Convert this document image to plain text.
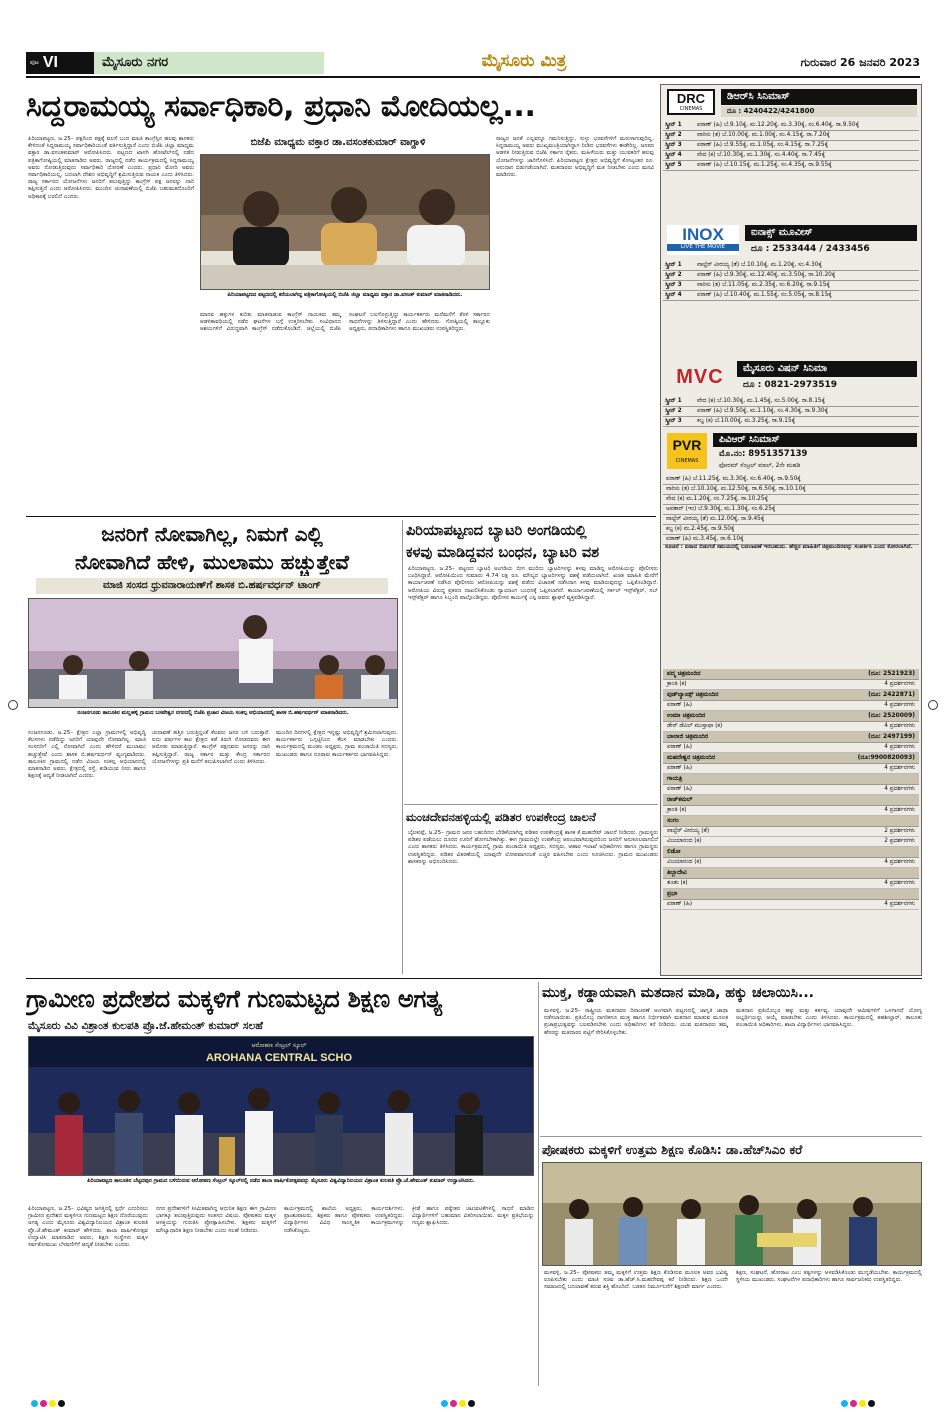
ಪುಟ VI	ಮೈಸೂರು ನಗರ	ಮೈಸೂರು ಮಿತ್ರ	ಗುರುವಾರ 26 ಜನವರಿ 2023
ಸಿದ್ದರಾಮಯ್ಯ ಸರ್ವಾಧಿಕಾರಿ, ಪ್ರಧಾನಿ ಮೋದಿಯಲ್ಲ...
ಬಿಜೆಪಿ ಮಾಧ್ಯಮ ವಕ್ತಾರ ಡಾ.ವಸಂತಕುಮಾರ್ ವಾಗ್ದಾಳಿ
ಪಿರಿಯಾಪಟ್ಟಣ, ಜ.25– ಪಕ್ಷದಿಂದ ಪಕ್ಷಕ್ಕೆ ವಲಸೆ ಬಂದ ಮಾಜಿ ಕಾಂಗ್ರೆಸ್ಸಿನ ಹಲವು ಶಾಸಕರು ಕೇಳಿದಂತೆ ಸಿದ್ದರಾಮಯ್ಯ ಸರ್ವಾಧಿಕಾರಿಯಂತೆ ವರ್ತಿಸುತ್ತಿದ್ದಾರೆ ಎಂದು ಬಿಜೆಪಿ ಜಿಲ್ಲಾ ಮಾಧ್ಯಮ ವಕ್ತಾರ ಡಾ.ವಸಂತಕುಮಾರ್ ಆರೋಪಿಸಿದರು. ಪಟ್ಟಣದ ಖಾಸಗಿ ಹೋಟೆಲ್‌ನಲ್ಲಿ ನಡೆದ ಪತ್ರಿಕಾಗೋಷ್ಠಿಯಲ್ಲಿ ಮಾತನಾಡಿದ ಅವರು, ರಾಜ್ಯದಲ್ಲಿ ನಡೆದ ಕಾರ್ಯಕ್ರಮದಲ್ಲಿ ಸಿದ್ದರಾಮಯ್ಯ ಅವರು ನೋಡುತ್ತಿರುವುದು ಸರ್ವಾಧಿಕಾರಿ ಧೋರಣೆ ಎಂದರು. ಪ್ರಧಾನಿ ಮೋದಿ ಅವರು ಸರ್ವಾಧಿಕಾರಿಯಲ್ಲ, ಬದಲಾಗಿ ದೇಶದ ಅಭಿವೃದ್ಧಿಗೆ ಶ್ರಮಿಸುತ್ತಿರುವ ನಾಯಕ ಎಂದು ತಿಳಿಸಿದರು. ರಾಜ್ಯ ಸರ್ಕಾರದ ಯೋಜನೆಗಳು ಜನರಿಗೆ ತಲುಪುತ್ತಿದ್ದು ಕಾಂಗ್ರೆಸ್ ಪಕ್ಷ ಜನರನ್ನು ದಾರಿ ತಪ್ಪಿಸುತ್ತಿದೆ ಎಂದು ಆರೋಪಿಸಿದರು. ಮುಂದಿನ ಚುನಾವಣೆಯಲ್ಲಿ ಬಿಜೆಪಿ ಬಹುಮತದೊಂದಿಗೆ ಅಧಿಕಾರಕ್ಕೆ ಬರಲಿದೆ ಎಂದರು.
ಪಿರಿಯಾಪಟ್ಟಣದ ಪಟ್ಟಣದಲ್ಲಿ ಕರೆಯಲಾಗಿದ್ದ ಪತ್ರಿಕಾಗೋಷ್ಠಿಯಲ್ಲಿ ಬಿಜೆಪಿ ಜಿಲ್ಲಾ ಮಾಧ್ಯಮ ವಕ್ತಾರ ಡಾ.ವಸಂತ್ ಕುಮಾರ್ ಮಾತನಾಡಿದರು.
ಮಾನವ ಹಕ್ಕುಗಳ ಕುರಿತು ಮಾತನಾಡುವ ಕಾಂಗ್ರೆಸ್ ನಾಯಕರು ತಮ್ಮ ಆಡಳಿತಾವಧಿಯಲ್ಲಿ ನಡೆದ ಘಟನೆಗಳ ಬಗ್ಗೆ ಉತ್ತರಿಸಬೇಕು. ಸಂವಿಧಾನದ ಆಶಯಗಳಿಗೆ ವಿರುದ್ಧವಾಗಿ ಕಾಂಗ್ರೆಸ್ ನಡೆದುಕೊಂಡಿದೆ. ಜಿಲ್ಲೆಯಲ್ಲಿ ಬಿಜೆಪಿ ಸಂಘಟನೆ ಬಲಗೊಳ್ಳುತ್ತಿದ್ದು ಕಾರ್ಯಕರ್ತರು ಮನೆಮನೆಗೆ ತೆರಳಿ ಸರ್ಕಾರದ ಸಾಧನೆಗಳನ್ನು ತಿಳಿಸುತ್ತಿದ್ದಾರೆ ಎಂದು ಹೇಳಿದರು. ಗೋಷ್ಠಿಯಲ್ಲಿ ತಾಲ್ಲೂಕು ಅಧ್ಯಕ್ಷರು, ಪದಾಧಿಕಾರಿಗಳು ಹಾಗೂ ಮುಖಂಡರು ಉಪಸ್ಥಿತರಿದ್ದರು.
ರಾಜ್ಯದ ಜನತೆ ಎಲ್ಲವನ್ನೂ ಗಮನಿಸುತ್ತಿದ್ದು, ಸುಳ್ಳು ಭರವಸೆಗಳಿಗೆ ಮರುಳಾಗುವುದಿಲ್ಲ. ಸಿದ್ದರಾಮಯ್ಯ ಅವರು ಮುಖ್ಯಮಂತ್ರಿಯಾಗಿದ್ದಾಗ ನೀಡಿದ ಭರವಸೆಗಳು ಈಡೇರಿಲ್ಲ. ಜನಪರ ಆಡಳಿತ ನೀಡುತ್ತಿರುವ ಬಿಜೆಪಿ ಸರ್ಕಾರ ರೈತರು, ಮಹಿಳೆಯರು ಮತ್ತು ಯುವಕರಿಗೆ ಹಲವು ಯೋಜನೆಗಳನ್ನು ಜಾರಿಗೊಳಿಸಿದೆ. ಪಿರಿಯಾಪಟ್ಟಣ ಕ್ಷೇತ್ರದ ಅಭಿವೃದ್ಧಿಗೆ ಕೋಟ್ಯಂತರ ರೂ. ಅನುದಾನ ಬಿಡುಗಡೆಯಾಗಿದೆ. ಮತದಾರರು ಅಭಿವೃದ್ಧಿಗೆ ಮತ ನೀಡಬೇಕು ಎಂದು ಮನವಿ ಮಾಡಿದರು.
ಜನರಿಗೆ ನೋವಾಗಿಲ್ಲ, ನಿಮಗೆ ಎಲ್ಲಿ
ನೋವಾಗಿದೆ ಹೇಳಿ, ಮುಲಾಮು ಹಚ್ಚುತ್ತೇವೆ
ಮಾಜಿ ಸಂಸದ ಧ್ರುವನಾರಾಯಣ್‌ಗೆ ಶಾಸಕ ಬಿ.ಹರ್ಷವರ್ಧನ್ ಟಾಂಗ್
ನಂಜನಗೂಡು ತಾಲೂಕಿನ ಮಲ್ಲಹಳ್ಳಿ ಗ್ರಾಮದ ಬಸವೇಶ್ವರ ನಗರದಲ್ಲಿ ಬಿಜೆಪಿ ಪ್ರಚಾರ ವಿಜಯ ಸಂಕಲ್ಪ ಅಭಿಯಾನದಲ್ಲಿ ಶಾಸಕ ಬಿ.ಹರ್ಷವರ್ಧನ್ ಮಾತನಾಡಿದರು.
ನಂಜನಗೂಡು, ಜ.25– ಕ್ಷೇತ್ರದ ಎಲ್ಲಾ ಗ್ರಾಮಗಳಲ್ಲಿ ಅಭಿವೃದ್ಧಿ ಕೆಲಸಗಳು ನಡೆದಿದ್ದು ಜನರಿಗೆ ಯಾವುದೇ ನೋವಾಗಿಲ್ಲ. ಮಾಜಿ ಸಂಸದರಿಗೆ ಎಲ್ಲಿ ನೋವಾಗಿದೆ ಎಂದು ಹೇಳಿದರೆ ಮುಲಾಮು ಹಚ್ಚುತ್ತೇವೆ ಎಂದು ಶಾಸಕ ಬಿ.ಹರ್ಷವರ್ಧನ್ ವ್ಯಂಗ್ಯವಾಡಿದರು. ತಾಲೂಕಿನ ಗ್ರಾಮದಲ್ಲಿ ನಡೆದ ವಿಜಯ ಸಂಕಲ್ಪ ಅಭಿಯಾನದಲ್ಲಿ ಮಾತನಾಡಿದ ಅವರು, ಕ್ಷೇತ್ರದಲ್ಲಿ ರಸ್ತೆ, ಕುಡಿಯುವ ನೀರು ಹಾಗೂ ಶಿಕ್ಷಣಕ್ಕೆ ಆದ್ಯತೆ ನೀಡಲಾಗಿದೆ ಎಂದರು.
ಚುನಾವಣೆ ಹತ್ತಿರ ಬರುತ್ತಿದ್ದಂತೆ ಕೆಲವರು ಜನರ ಬಳಿ ಬರುತ್ತಾರೆ. ಐದು ವರ್ಷಗಳ ಕಾಲ ಕ್ಷೇತ್ರದ ಕಡೆ ತಿರುಗಿ ನೋಡದವರು ಈಗ ಆರೋಪ ಮಾಡುತ್ತಿದ್ದಾರೆ. ಕಾಂಗ್ರೆಸ್ ಪಕ್ಷದವರು ಜನರನ್ನು ದಾರಿ ತಪ್ಪಿಸುತ್ತಿದ್ದಾರೆ. ರಾಜ್ಯ ಸರ್ಕಾರ ಮತ್ತು ಕೇಂದ್ರ ಸರ್ಕಾರದ ಯೋಜನೆಗಳನ್ನು ಪ್ರತಿ ಮನೆಗೆ ತಲುಪಿಸಲಾಗಿದೆ ಎಂದು ತಿಳಿಸಿದರು.
ಮುಂದಿನ ದಿನಗಳಲ್ಲಿ ಕ್ಷೇತ್ರದ ಇನ್ನಷ್ಟು ಅಭಿವೃದ್ಧಿಗೆ ಶ್ರಮಿಸಲಾಗುವುದು. ಕಾರ್ಯಕರ್ತರು ಒಗ್ಗಟ್ಟಿನಿಂದ ಕೆಲಸ ಮಾಡಬೇಕು ಎಂದರು. ಕಾರ್ಯಕ್ರಮದಲ್ಲಿ ಮಂಡಲ ಅಧ್ಯಕ್ಷರು, ಗ್ರಾಮ ಪಂಚಾಯಿತಿ ಸದಸ್ಯರು, ಮುಖಂಡರು ಹಾಗೂ ನೂರಾರು ಕಾರ್ಯಕರ್ತರು ಭಾಗವಹಿಸಿದ್ದರು.
ಪಿರಿಯಾಪಟ್ಟಣದ ಬ್ಯಾಟರಿ ಅಂಗಡಿಯಲ್ಲಿ
ಕಳವು ಮಾಡಿದ್ದವನ ಬಂಧನ, ಬ್ಯಾಟರಿ ವಶ
ಪಿರಿಯಾಪಟ್ಟಣ, ಜ.25– ಪಟ್ಟಣದ ಬ್ಯಾಟರಿ ಅಂಗಡಿಯ ಬೀಗ ಮುರಿದು ಬ್ಯಾಟರಿಗಳನ್ನು ಕಳವು ಮಾಡಿದ್ದ ಆರೋಪಿಯನ್ನು ಪೊಲೀಸರು ಬಂಧಿಸಿದ್ದಾರೆ. ಆರೋಪಿಯಿಂದ ಸುಮಾರು 4.74 ಲಕ್ಷ ರೂ. ಮೌಲ್ಯದ ಬ್ಯಾಟರಿಗಳನ್ನು ವಶಕ್ಕೆ ಪಡೆಯಲಾಗಿದೆ. ಖಚಿತ ಮಾಹಿತಿ ಮೇರೆಗೆ ಕಾರ್ಯಾಚರಣೆ ನಡೆಸಿದ ಪೊಲೀಸರು ಆರೋಪಿಯನ್ನು ವಶಕ್ಕೆ ಪಡೆದು ವಿಚಾರಣೆ ನಡೆಸಿದಾಗ ಕಳವು ಮಾಡಿರುವುದನ್ನು ಒಪ್ಪಿಕೊಂಡಿದ್ದಾನೆ. ಆರೋಪಿಯ ವಿರುದ್ಧ ಪ್ರಕರಣ ದಾಖಲಿಸಿಕೊಂಡು ನ್ಯಾಯಾಂಗ ಬಂಧನಕ್ಕೆ ಒಪ್ಪಿಸಲಾಗಿದೆ. ಕಾರ್ಯಾಚರಣೆಯಲ್ಲಿ ಸರ್ಕಲ್ ಇನ್ಸ್‌ಪೆಕ್ಟರ್, ಸಬ್ ಇನ್ಸ್‌ಪೆಕ್ಟರ್ ಹಾಗೂ ಸಿಬ್ಬಂದಿ ಪಾಲ್ಗೊಂಡಿದ್ದರು. ಪೊಲೀಸರ ಕಾರ್ಯಕ್ಕೆ ಎಸ್ಪಿ ಅವರು ಶ್ಲಾಘನೆ ವ್ಯಕ್ತಪಡಿಸಿದ್ದಾರೆ.
ಮಂಚದೇವನಹಳ್ಳಿಯಲ್ಲಿ ಪಡಿತರ ಉಪಕೇಂದ್ರ ಚಾಲನೆ
ಬೈಲಕುಪ್ಪೆ, ಜ.25– ಗ್ರಾಮದ ಜನರ ಬಹುದಿನದ ಬೇಡಿಕೆಯಾಗಿದ್ದ ಪಡಿತರ ಉಪಕೇಂದ್ರಕ್ಕೆ ಶಾಸಕ ಕೆ.ಮಹದೇವ್ ಚಾಲನೆ ನೀಡಿದರು. ಗ್ರಾಮಸ್ಥರು ಪಡಿತರ ಪಡೆಯಲು ದೂರದ ಊರಿಗೆ ಹೋಗಬೇಕಾಗಿತ್ತು. ಈಗ ಗ್ರಾಮದಲ್ಲೇ ಉಪಕೇಂದ್ರ ಆರಂಭವಾಗಿರುವುದರಿಂದ ಜನರಿಗೆ ಅನುಕೂಲವಾಗಲಿದೆ ಎಂದು ಶಾಸಕರು ತಿಳಿಸಿದರು. ಕಾರ್ಯಕ್ರಮದಲ್ಲಿ ಗ್ರಾಮ ಪಂಚಾಯಿತಿ ಅಧ್ಯಕ್ಷರು, ಸದಸ್ಯರು, ಆಹಾರ ಇಲಾಖೆ ಅಧಿಕಾರಿಗಳು ಹಾಗೂ ಗ್ರಾಮಸ್ಥರು ಉಪಸ್ಥಿತರಿದ್ದರು. ಪಡಿತರ ವಿತರಣೆಯಲ್ಲಿ ಯಾವುದೇ ಲೋಪವಾಗದಂತೆ ಎಚ್ಚರ ವಹಿಸಬೇಕು ಎಂದು ಸೂಚಿಸಿದರು. ಗ್ರಾಮದ ಮುಖಂಡರು ಶಾಸಕರನ್ನು ಅಭಿನಂದಿಸಿದರು.
DRC
CINEMAS
ಡಿಆರ್‌ಸಿ ಸಿನಿಮಾಸ್
ದೂ : 4240422/4241800
ಸ್ಕ್ರೀನ್ 1	ಪಠಾಣ್ (ಹಿ) ಬೆ.9.10ಕ್ಕೆ, ಮ.12.20ಕ್ಕೆ, ಮ.3.30ಕ್ಕೆ, ಸಂ.6.40ಕ್ಕೆ, ರಾ.9.50ಕ್ಕೆ
ಸ್ಕ್ರೀನ್ 2	ವಾರಿಸು (ತ) ಬೆ.10.00ಕ್ಕೆ, ಮ.1.00ಕ್ಕೆ, ಸಂ.4.15ಕ್ಕೆ, ರಾ.7.20ಕ್ಕೆ
ಸ್ಕ್ರೀನ್ 3	ಪಠಾಣ್ (ಹಿ) ಬೆ.9.55ಕ್ಕೆ, ಮ.1.05ಕ್ಕೆ, ಸಂ.4.15ಕ್ಕೆ, ರಾ.7.25ಕ್ಕೆ
ಸ್ಕ್ರೀನ್ 4	ವೇದ (ಕ) ಬೆ.10.30ಕ್ಕೆ, ಮ.1.30ಕ್ಕೆ, ಸಂ.4.40ಕ್ಕೆ, ರಾ.7.45ಕ್ಕೆ
ಸ್ಕ್ರೀನ್ 5	ಪಠಾಣ್ (ಹಿ) ಬೆ.10.15ಕ್ಕೆ, ಮ.1.25ಕ್ಕೆ, ಸಂ.4.35ಕ್ಕೆ, ರಾ.9.55ಕ್ಕೆ
INOX
LIVE THE MOVIE
ಐನಾಕ್ಸ್ ಮೂವೀಸ್
ದೂ : 2533444 / 2433456
ಸ್ಕ್ರೀನ್ 1	ವಾಲ್ಟೆರ್ ವೀರಯ್ಯ (ತೆ) ಬೆ.10.10ಕ್ಕೆ, ಮ.1.20ಕ್ಕೆ, ಸಂ.4.30ಕ್ಕೆ
ಸ್ಕ್ರೀನ್ 2	ಪಠಾಣ್ (ಹಿ) ಬೆ.9.30ಕ್ಕೆ, ಮ.12.40ಕ್ಕೆ, ಮ.3.50ಕ್ಕೆ, ರಾ.10.20ಕ್ಕೆ
ಸ್ಕ್ರೀನ್ 3	ವಾರಿಸು (ತ) ಬೆ.11.05ಕ್ಕೆ, ಮ.2.35ಕ್ಕೆ, ಸಂ.6.20ಕ್ಕೆ, ರಾ.9.15ಕ್ಕೆ
ಸ್ಕ್ರೀನ್ 4	ಪಠಾಣ್ (ಹಿ) ಬೆ.10.40ಕ್ಕೆ, ಮ.1.55ಕ್ಕೆ, ಸಂ.5.05ಕ್ಕೆ, ರಾ.8.15ಕ್ಕೆ
MVC	ಮೈಸೂರು ವಿಷನ್ ಸಿನಿಮಾ
ದೂ : 0821-2973519
ಸ್ಕ್ರೀನ್ 1	ವೇದ (ಕ) ಬೆ.10.30ಕ್ಕೆ, ಮ.1.45ಕ್ಕೆ, ಸಂ.5.00ಕ್ಕೆ, ರಾ.8.15ಕ್ಕೆ
ಸ್ಕ್ರೀನ್ 2	ಪಠಾಣ್ (ಹಿ) ಬೆ.9.50ಕ್ಕೆ, ಮ.1.10ಕ್ಕೆ, ಸಂ.4.30ಕ್ಕೆ, ರಾ.9.30ಕ್ಕೆ
ಸ್ಕ್ರೀನ್ 3	ಕಬ್ಜ (ಕ) ಬೆ.10.00ಕ್ಕೆ, ಮ.3.25ಕ್ಕೆ, ರಾ.9.15ಕ್ಕೆ
PVR
CINEMAS
ಪಿವಿಆರ್ ಸಿನಿಮಾಸ್
ಮೊ.ನಂ: 8951357139
ಫೋರಮ್ ಸೆಂಟ್ರಲ್ ಮಾಲ್, 2ನೇ ಮಹಡಿ
ಪಠಾಣ್ (ಹಿ) ಬೆ.11.25ಕ್ಕೆ, ಮ.3.30ಕ್ಕೆ, ಸಂ.6.40ಕ್ಕೆ, ರಾ.9.50ಕ್ಕೆ
ವಾರಿಸು (ತ) ಬೆ.10.10ಕ್ಕೆ, ಮ.12.50ಕ್ಕೆ, ರಾ.6.50ಕ್ಕೆ, ರಾ.10.10ಕ್ಕೆ
ವೇದ (ಕ) ಮ.1.20ಕ್ಕೆ, ಸಂ.7.25ಕ್ಕೆ, ರಾ.10.25ಕ್ಕೆ
ಅವತಾರ್ (ಇಂ) ಬೆ.9.30ಕ್ಕೆ, ಮ.1.30ಕ್ಕೆ, ಸಂ.6.25ಕ್ಕೆ
ವಾಲ್ಟೆರ್ ವೀರಯ್ಯ (ತೆ) ಮ.12.00ಕ್ಕೆ, ರಾ.9.45ಕ್ಕೆ
ಕಬ್ಜ (ಕ) ಮ.2.45ಕ್ಕೆ, ರಾ.9.50ಕ್ಕೆ
ಪಠಾಣ್ (ಹಿ) ಮ.3.45ಕ್ಕೆ, ರಾ.6.10ಕ್ಕೆ
ಸೂಚನೆ : ಏನಾದ ಬಿಡುಗಡೆ ಸಮಯದಲ್ಲಿ ಬದಲಾವಣೆ ಇರಬಹುದು. ಹೆಚ್ಚಿನ ಮಾಹಿತಿಗೆ ಚಿತ್ರಮಂದಿರವನ್ನು ಸಂಪರ್ಕಿಸಿ ಎಂದು ಕೋರಲಾಗಿದೆ.
ಪದ್ಮ ಚಿತ್ರಮಂದಿರ	(ದೂ: 2521923)
ಕ್ರಾಂತಿ (ಕ)	4 ಪ್ರದರ್ಶನಗಳು
ವುಡ್‌ಲ್ಯಾಂಡ್ಸ್ ಚಿತ್ರಮಂದಿರ	(ದೂ: 2422871)
ಪಠಾಣ್ (ಹಿ)	4 ಪ್ರದರ್ಶನಗಳು
ಉಮಾ ಚಿತ್ರಮಂದಿರ	(ದೂ: 2520009)
ಡೇರ್ ಡೆವಿಲ್ ಮುಸ್ತಾಫಾ (ಕ)	4 ಪ್ರದರ್ಶನಗಳು
ಬಾಲಾಜಿ ಚಿತ್ರಮಂದಿರ	(ದೂ: 2497199)
ಪಠಾಣ್ (ಹಿ)	4 ಪ್ರದರ್ಶನಗಳು
ಮಹದೇಶ್ವರ ಚಿತ್ರಮಂದಿರ	(ದೂ:9900820093)
ಪಠಾಣ್ (ಹಿ)	4 ಪ್ರದರ್ಶನಗಳು
ಗಾಯತ್ರಿ
ಪಠಾಣ್ (ಹಿ)	4 ಪ್ರದರ್ಶನಗಳು
ರಾಜ್‌ಕಮಲ್
ಕ್ರಾಂತಿ (ಕ)	4 ಪ್ರದರ್ಶನಗಳು
ಸಂಗಂ
ವಾಲ್ಟೆರ್ ವೀರಯ್ಯ (ತೆ)	2 ಪ್ರದರ್ಶನಗಳು
ವಿಜಯಾನಂದ (ಕ)	2 ಪ್ರದರ್ಶನಗಳು
ಲಿಡೋ
ವಿಜಯಾನಂದ (ಕ)	4 ಪ್ರದರ್ಶನಗಳು
ತಿಬ್ಬಾದೇವಿ
ತೂತು (ಕ)	4 ಪ್ರದರ್ಶನಗಳು
ಪ್ರಭಾ
ಪಠಾಣ್ (ಹಿ)	4 ಪ್ರದರ್ಶನಗಳು
ಗ್ರಾಮೀಣ ಪ್ರದೇಶದ ಮಕ್ಕಳಿಗೆ ಗುಣಮಟ್ಟದ ಶಿಕ್ಷಣ ಅಗತ್ಯ
ಮೈಸೂರು ವಿವಿ ವಿಶ್ರಾಂತ ಕುಲಪತಿ ಪ್ರೊ.ಜೆ.ಹೇಮಂತ್ ಕುಮಾರ್ ಸಲಹೆ
ಆರೋಹಣ ಸೆಂಟ್ರಲ್ ಸ್ಕೂಲ್
AROHANA CENTRAL SCHO
ಪಿರಿಯಾಪಟ್ಟಣ ತಾಲೂಕಿನ ಬೆಟ್ಟದಪುರ ಗ್ರಾಮದ ಬಳಿಯಿರುವ ಆರೋಹಣ ಸೆಂಟ್ರಲ್ ಸ್ಕೂಲ್‌ನಲ್ಲಿ ನಡೆದ ಶಾಲಾ ವಾರ್ಷಿಕೋತ್ಸವವನ್ನು ಮೈಸೂರು ವಿಶ್ವವಿದ್ಯಾನಿಲಯದ ವಿಶ್ರಾಂತ ಕುಲಪತಿ ಪ್ರೊ.ಜೆ.ಹೇಮಂತ್ ಕುಮಾರ್ ಉದ್ಘಾಟಿಸಿದರು.
ಪಿರಿಯಾಪಟ್ಟಣ, ಜ.25– ಭವಿಷ್ಯದ ಜಗತ್ತಿನಲ್ಲಿ ಸ್ಪರ್ಧೆ ಎದುರಿಸಲು ಗ್ರಾಮೀಣ ಪ್ರದೇಶದ ಮಕ್ಕಳಿಗೂ ಗುಣಮಟ್ಟದ ಶಿಕ್ಷಣ ದೊರೆಯುವುದು ಅಗತ್ಯ ಎಂದು ಮೈಸೂರು ವಿಶ್ವವಿದ್ಯಾನಿಲಯದ ವಿಶ್ರಾಂತ ಕುಲಪತಿ ಪ್ರೊ.ಜೆ.ಹೇಮಂತ್ ಕುಮಾರ್ ಹೇಳಿದರು. ಶಾಲಾ ವಾರ್ಷಿಕೋತ್ಸವ ಉದ್ಘಾಟಿಸಿ ಮಾತನಾಡಿದ ಅವರು, ಶಿಕ್ಷಣ ಸಂಸ್ಥೆಗಳು ಮಕ್ಕಳ ಸರ್ವತೋಮುಖ ಬೆಳವಣಿಗೆಗೆ ಆದ್ಯತೆ ನೀಡಬೇಕು ಎಂದರು.
ನಗರ ಪ್ರದೇಶಗಳಿಗೆ ಸೀಮಿತವಾಗಿದ್ದ ಆಧುನಿಕ ಶಿಕ್ಷಣ ಈಗ ಗ್ರಾಮೀಣ ಭಾಗಕ್ಕೂ ತಲುಪುತ್ತಿರುವುದು ಸಂತಸದ ವಿಷಯ. ಪೋಷಕರು ಮಕ್ಕಳ ಆಸಕ್ತಿಯನ್ನು ಗುರುತಿಸಿ ಪ್ರೋತ್ಸಾಹಿಸಬೇಕು. ಶಿಕ್ಷಕರು ಮಕ್ಕಳಿಗೆ ಮೌಲ್ಯಾಧಾರಿತ ಶಿಕ್ಷಣ ನೀಡಬೇಕು ಎಂದು ಸಲಹೆ ನೀಡಿದರು.
ಕಾರ್ಯಕ್ರಮದಲ್ಲಿ ಶಾಲೆಯ ಅಧ್ಯಕ್ಷರು, ಕಾರ್ಯದರ್ಶಿಗಳು, ಪ್ರಾಂಶುಪಾಲರು, ಶಿಕ್ಷಕರು ಹಾಗೂ ಪೋಷಕರು ಉಪಸ್ಥಿತರಿದ್ದರು. ವಿದ್ಯಾರ್ಥಿಗಳು ವಿವಿಧ ಸಾಂಸ್ಕೃತಿಕ ಕಾರ್ಯಕ್ರಮಗಳನ್ನು ನಡೆಸಿಕೊಟ್ಟರು.
ಕ್ರೀಡೆ ಹಾಗೂ ಪಠ್ಯೇತರ ಚಟುವಟಿಕೆಗಳಲ್ಲಿ ಸಾಧನೆ ಮಾಡಿದ ವಿದ್ಯಾರ್ಥಿಗಳಿಗೆ ಬಹುಮಾನ ವಿತರಿಸಲಾಯಿತು. ಮಕ್ಕಳ ಪ್ರತಿಭೆಯನ್ನು ಗಣ್ಯರು ಶ್ಲಾಘಿಸಿದರು.
ಮುಕ್ತ, ಕಡ್ಡಾಯವಾಗಿ ಮತದಾನ ಮಾಡಿ, ಹಕ್ಕು ಚಲಾಯಿಸಿ...
ಮಳವಳ್ಳಿ, ಜ.25– ರಾಷ್ಟ್ರೀಯ ಮತದಾರರ ದಿನಾಚರಣೆ ಅಂಗವಾಗಿ ಪಟ್ಟಣದಲ್ಲಿ ಜಾಗೃತಿ ಜಾಥಾ ನಡೆಸಲಾಯಿತು. ಪ್ರತಿಯೊಬ್ಬ ನಾಗರಿಕನೂ ಮುಕ್ತ ಹಾಗೂ ನಿರ್ಭೀತವಾಗಿ ಮತದಾನ ಮಾಡುವ ಮೂಲಕ ಪ್ರಜಾಪ್ರಭುತ್ವವನ್ನು ಬಲಪಡಿಸಬೇಕು ಎಂದು ಅಧಿಕಾರಿಗಳು ಕರೆ ನೀಡಿದರು. ಯುವ ಮತದಾರರು ತಮ್ಮ ಹೆಸರನ್ನು ಮತದಾರರ ಪಟ್ಟಿಗೆ ಸೇರಿಸಿಕೊಳ್ಳಬೇಕು.
ಮತದಾನ ಪ್ರತಿಯೊಬ್ಬರ ಹಕ್ಕು ಮತ್ತು ಕರ್ತವ್ಯ. ಯಾವುದೇ ಆಮಿಷಗಳಿಗೆ ಒಳಗಾಗದೆ ಯೋಗ್ಯ ಅಭ್ಯರ್ಥಿಯನ್ನು ಆಯ್ಕೆ ಮಾಡಬೇಕು ಎಂದು ತಿಳಿಸಿದರು. ಕಾರ್ಯಕ್ರಮದಲ್ಲಿ ತಹಶೀಲ್ದಾರ್, ತಾಲೂಕು ಪಂಚಾಯಿತಿ ಅಧಿಕಾರಿಗಳು, ಶಾಲಾ ವಿದ್ಯಾರ್ಥಿಗಳು ಭಾಗವಹಿಸಿದ್ದರು.
ಪೋಷಕರು ಮಕ್ಕಳಿಗೆ ಉತ್ತಮ ಶಿಕ್ಷಣ ಕೊಡಿಸಿ: ಡಾ.ಹೆಚ್‌ಸಿಎಂ ಕರೆ
ಮಳವಳ್ಳಿ, ಜ.25– ಪೋಷಕರು ತಮ್ಮ ಮಕ್ಕಳಿಗೆ ಉತ್ತಮ ಶಿಕ್ಷಣ ಕೊಡಿಸುವ ಮೂಲಕ ಅವರ ಭವಿಷ್ಯ ರೂಪಿಸಬೇಕು ಎಂದು ಮಾಜಿ ಸಚಿವ ಡಾ.ಹೆಚ್.ಸಿ.ಮಹದೇವಪ್ಪ ಕರೆ ನೀಡಿದರು. ಶಿಕ್ಷಣ ಒಂದೇ ಸಮಾಜದಲ್ಲಿ ಬದಲಾವಣೆ ತರುವ ಶಕ್ತಿ ಹೊಂದಿದೆ. ಬಡತನ ನಿರ್ಮೂಲನೆಗೆ ಶಿಕ್ಷಣವೇ ಮಾರ್ಗ ಎಂದರು.
ಶಿಕ್ಷಣ, ಸಂಘಟನೆ, ಹೋರಾಟ ಎಂಬ ತತ್ವಗಳನ್ನು ಅಳವಡಿಸಿಕೊಂಡು ಮುನ್ನಡೆಯಬೇಕು. ಕಾರ್ಯಕ್ರಮದಲ್ಲಿ ಸ್ಥಳೀಯ ಮುಖಂಡರು, ಸಂಘಟನೆಗಳ ಪದಾಧಿಕಾರಿಗಳು ಹಾಗೂ ಸಾರ್ವಜನಿಕರು ಉಪಸ್ಥಿತರಿದ್ದರು.
